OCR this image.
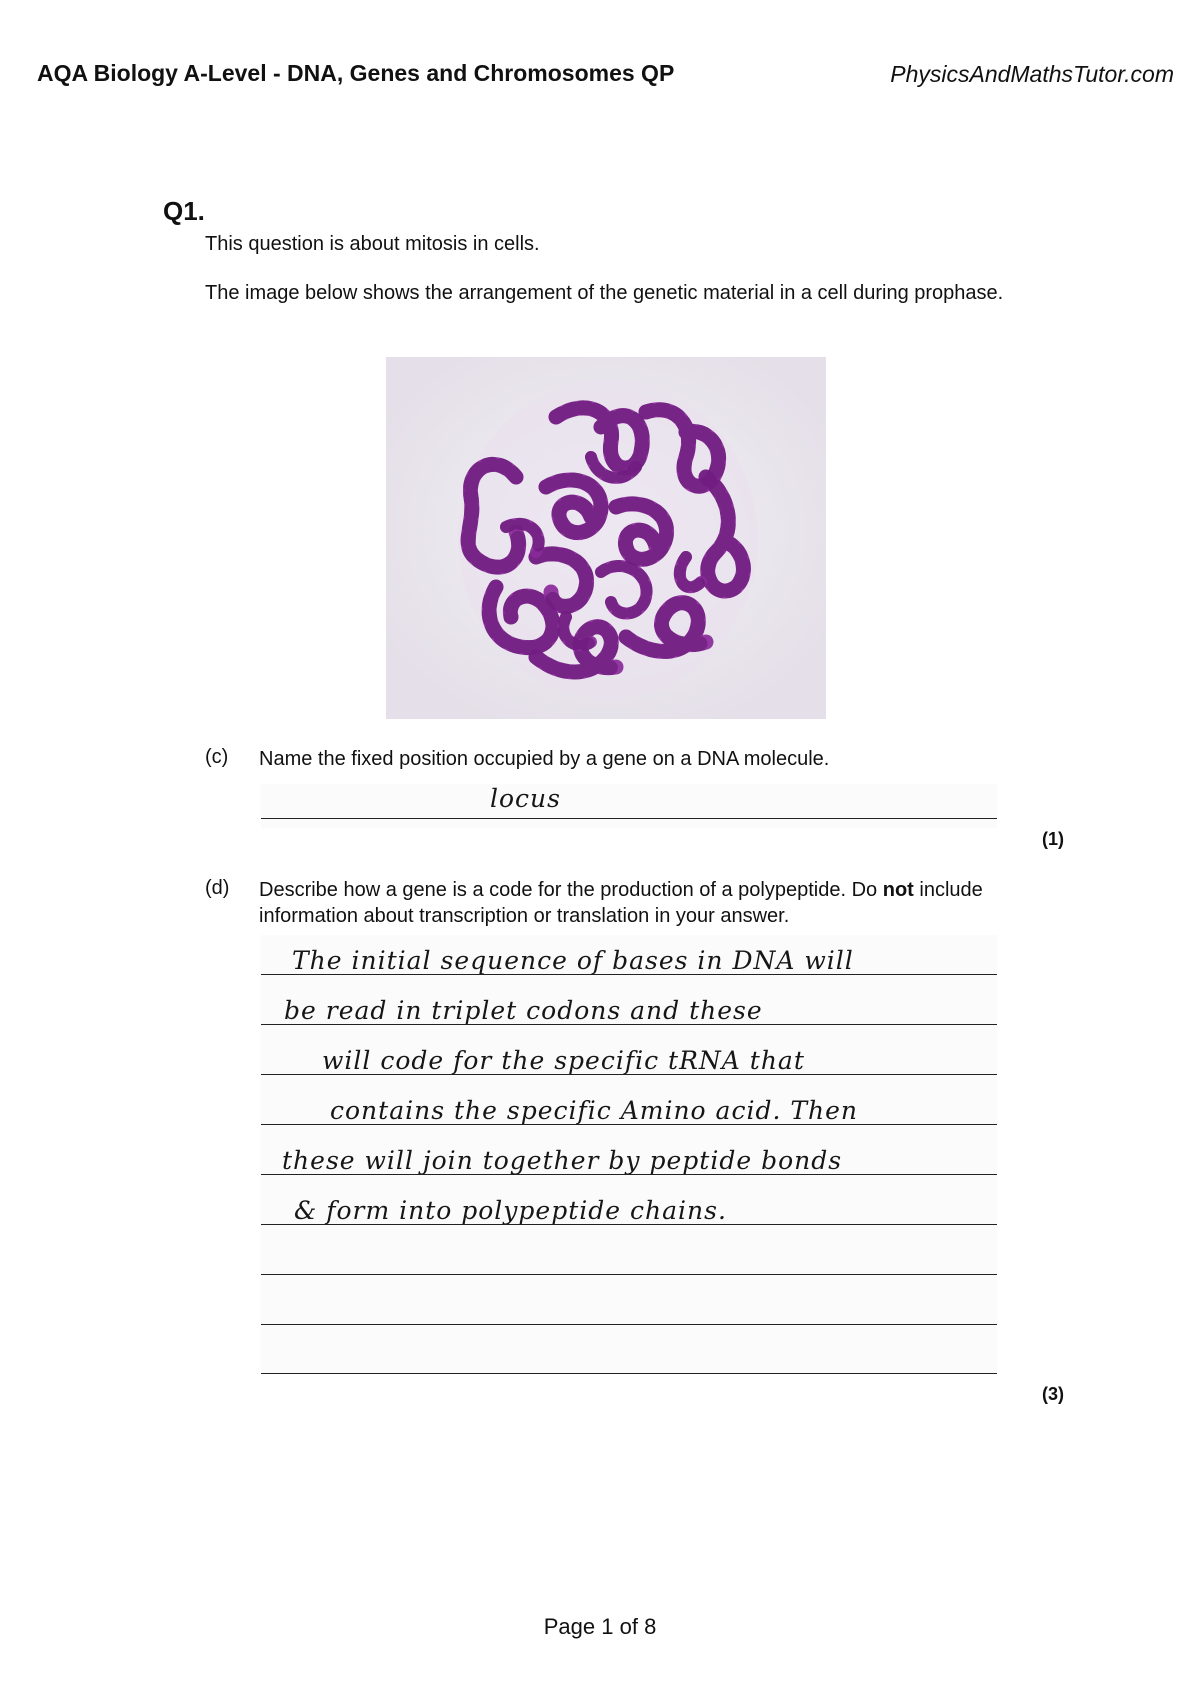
AQA Biology A-Level - DNA, Genes and Chromosomes QP	PhysicsAndMathsTutor.com
Q1.
This question is about mitosis in cells.
The image below shows the arrangement of the genetic material in a cell during prophase.
(c) Name the fixed position occupied by a gene on a DNA molecule.
locus
(1)
(d) Describe how a gene is a code for the production of a polypeptide. Do not include information about transcription or translation in your answer.
The initial sequence of bases in DNA will
be read in triplet codons and these
will code for the specific tRNA that
contains the specific Amino acid. Then
these will join together by peptide bonds
& form into polypeptide chains.
(3)
Page 1 of 8
